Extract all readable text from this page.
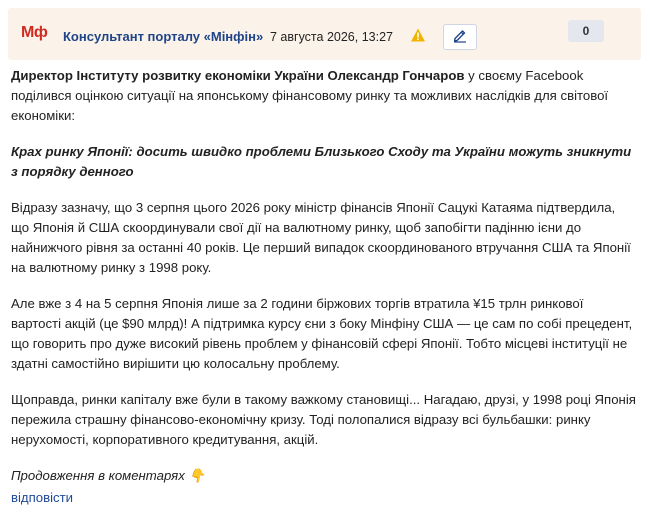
Мф Консультант порталу «Мінфін» 7 августа 2026, 13:27	0

Директор Інституту розвитку економіки України Олександр Гончаров у своєму Facebook поділився оцінкою ситуації на японському фінансовому ринку та можливих наслідків для світової економіки:

Крах ринку Японії: досить швидко проблеми Близького Сходу та України можуть зникнути з порядку денного

Відразу зазначу, що 3 серпня цього 2026 року міністр фінансів Японії Сацукі Катаяма підтвердила, що Японія й США скоординували свої дії на валютному ринку, щоб запобігти падінню ієни до найнижчого рівня за останні 40 років. Це перший випадок скоординованого втручання США та Японії на валютному ринку з 1998 року.

Але вже з 4 на 5 серпня Японія лише за 2 години біржових торгів втратила ¥15 трлн ринкової вартості акцій (це $90 млрд)! А підтримка курсу єни з боку Мінфіну США — це сам по собі прецедент, що говорить про дуже високий рівень проблем у фінансовій сфері Японії. Тобто місцеві інституції не здатні самостійно вирішити цю колосальну проблему.

Щоправда, ринки капіталу вже були в такому важкому становищі... Нагадаю, друзі, у 1998 році Японія пережила страшну фінансово-економічну кризу. Тоді полопалися відразу всі бульбашки: ринку нерухомості, корпоративного кредитування, акцій.

Продовження в коментарях 👇

відповісти
